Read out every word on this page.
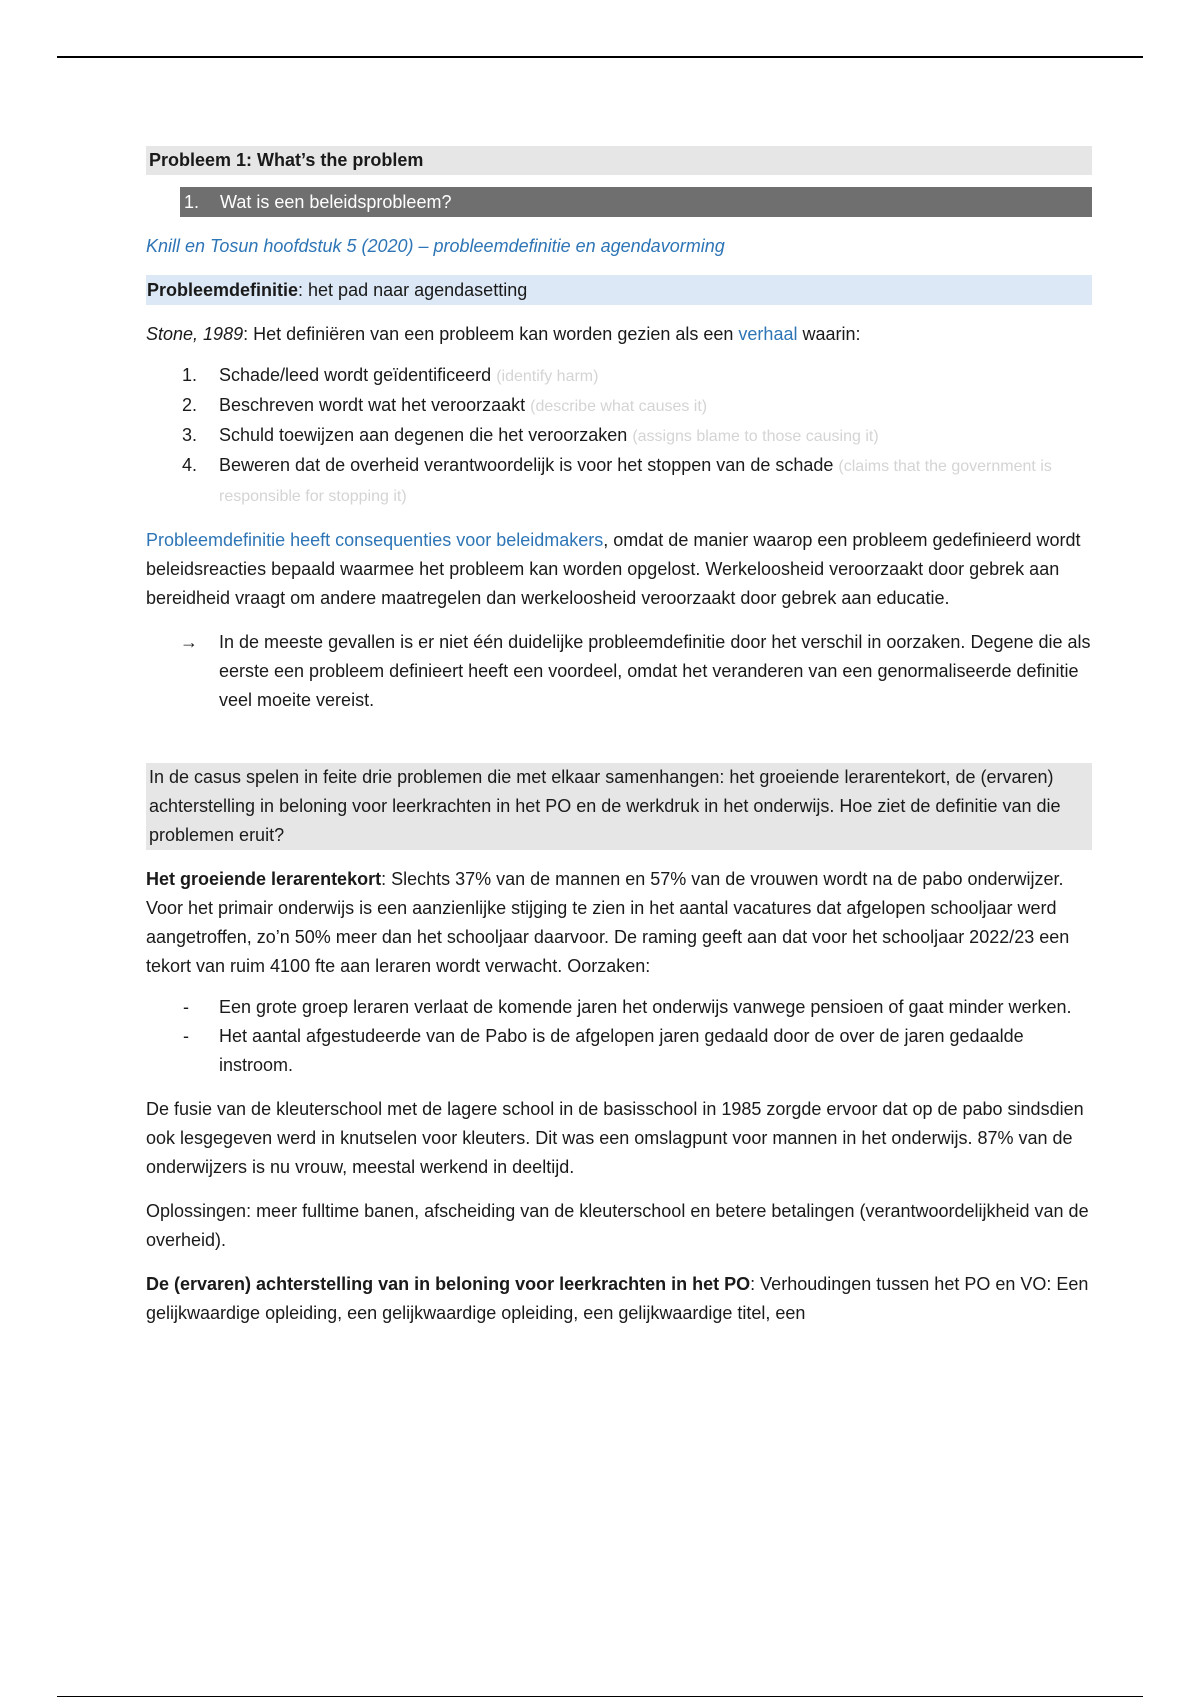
Probleem 1: What’s the problem
1. Wat is een beleidsprobleem?
Knill en Tosun hoofdstuk 5 (2020) – probleemdefinitie en agendavorming
Probleemdefinitie: het pad naar agendasetting
Stone, 1989: Het definiëren van een probleem kan worden gezien als een verhaal waarin:
1. Schade/leed wordt geïdentificeerd (identify harm)
2. Beschreven wordt wat het veroorzaakt (describe what causes it)
3. Schuld toewijzen aan degenen die het veroorzaken (assigns blame to those causing it)
4. Beweren dat de overheid verantwoordelijk is voor het stoppen van de schade (claims that the government is responsible for stopping it)
Probleemdefinitie heeft consequenties voor beleidmakers, omdat de manier waarop een probleem gedefinieerd wordt beleidsreacties bepaald waarmee het probleem kan worden opgelost. Werkeloosheid veroorzaakt door gebrek aan bereidheid vraagt om andere maatregelen dan werkeloosheid veroorzaakt door gebrek aan educatie.
→ In de meeste gevallen is er niet één duidelijke probleemdefinitie door het verschil in oorzaken. Degene die als eerste een probleem definieert heeft een voordeel, omdat het veranderen van een genormaliseerde definitie veel moeite vereist.
In de casus spelen in feite drie problemen die met elkaar samenhangen: het groeiende lerarentekort, de (ervaren) achterstelling in beloning voor leerkrachten in het PO en de werkdruk in het onderwijs. Hoe ziet de definitie van die problemen eruit?
Het groeiende lerarentekort: Slechts 37% van de mannen en 57% van de vrouwen wordt na de pabo onderwijzer. Voor het primair onderwijs is een aanzienlijke stijging te zien in het aantal vacatures dat afgelopen schooljaar werd aangetroffen, zo’n 50% meer dan het schooljaar daarvoor. De raming geeft aan dat voor het schooljaar 2022/23 een tekort van ruim 4100 fte aan leraren wordt verwacht. Oorzaken:
- Een grote groep leraren verlaat de komende jaren het onderwijs vanwege pensioen of gaat minder werken.
- Het aantal afgestudeerde van de Pabo is de afgelopen jaren gedaald door de over de jaren gedaalde instroom.
De fusie van de kleuterschool met de lagere school in de basisschool in 1985 zorgde ervoor dat op de pabo sindsdien ook lesgegeven werd in knutselen voor kleuters. Dit was een omslagpunt voor mannen in het onderwijs. 87% van de onderwijzers is nu vrouw, meestal werkend in deeltijd.
Oplossingen: meer fulltime banen, afscheiding van de kleuterschool en betere betalingen (verantwoordelijkheid van de overheid).
De (ervaren) achterstelling van in beloning voor leerkrachten in het PO: Verhoudingen tussen het PO en VO: Een gelijkwaardige opleiding, een gelijkwaardige opleiding, een gelijkwaardige titel, een
